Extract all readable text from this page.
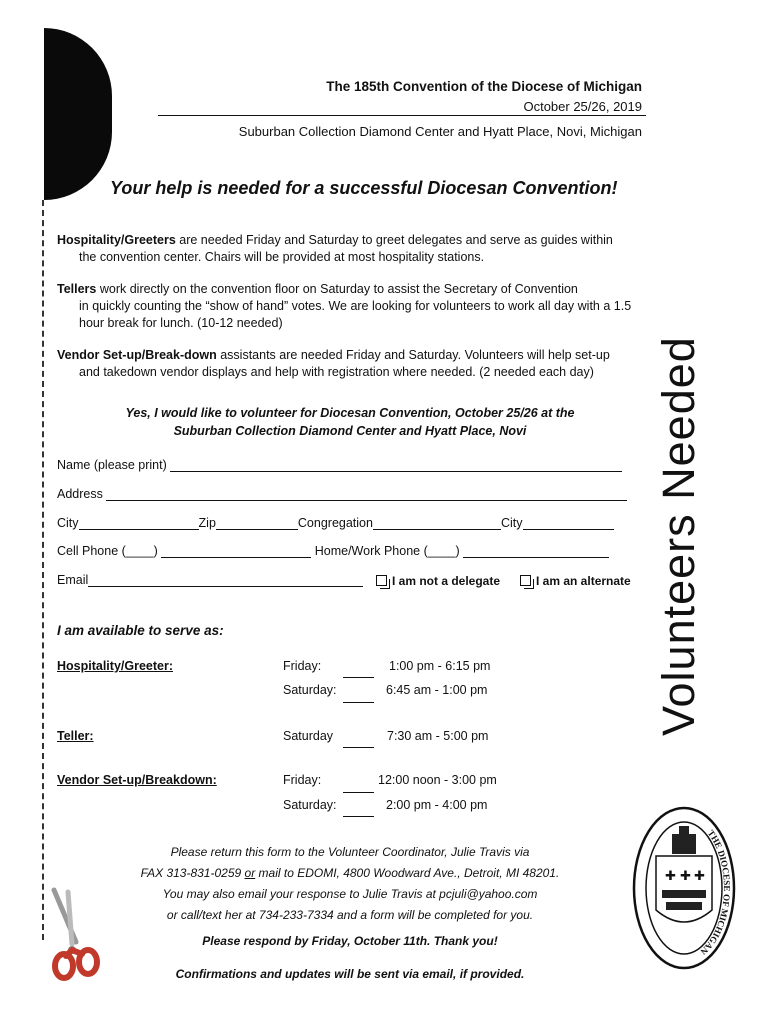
The 185th Convention of the Diocese of Michigan
October 25/26, 2019
Suburban Collection Diamond Center and Hyatt Place, Novi, Michigan
Your help is needed for a successful Diocesan Convention!
Hospitality/Greeters are needed Friday and Saturday to greet delegates and serve as guides within
the convention center. Chairs will be provided at most hospitality stations.
Tellers work directly on the convention floor on Saturday to assist the Secretary of Convention
in quickly counting the “show of hand” votes. We are looking for volunteers to work all day with a 1.5 hour break for lunch. (10-12 needed)
Vendor Set-up/Break-down assistants are needed Friday and Saturday. Volunteers will help set-up
and takedown vendor displays and help with registration where needed. (2 needed each day)
Yes, I would like to volunteer for Diocesan Convention, October 25/26 at the
Suburban Collection Diamond Center and Hyatt Place, Novi	Volunteers Needed
Name (please print)
Address
City	Zip	Congregation	City
Cell Phone (____)	Home/Work Phone (____)
Email	I am not a delegate	I am an alternate
I am available to serve as:
Hospitality/Greeter:	Friday:	1:00 pm - 6:15 pm
Saturday:	6:45 am - 1:00 pm
Teller:	Saturday	7:30 am - 5:00 pm
Vendor Set-up/Breakdown:	Friday:	12:00 noon - 3:00 pm
Saturday:	2:00 pm - 4:00 pm
Please return this form to the Volunteer Coordinator, Julie Travis via
FAX 313-831-0259 or mail to EDOMI, 4800 Woodward Ave., Detroit, MI 48201.
You may also email your response to Julie Travis at pcjuli@yahoo.com
or call/text her at 734-233-7334 and a form will be completed for you.
Please respond by Friday, October 11th. Thank you!
Confirmations and updates will be sent via email, if provided.
THE DIOCESE OF MICHIGAN
✚ ✚ ✚
